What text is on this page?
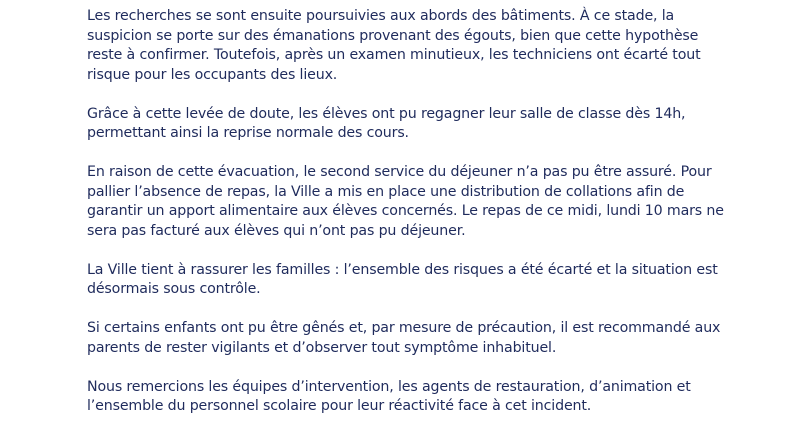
Les recherches se sont ensuite poursuivies aux abords des bâtiments. À ce stade, la suspicion se porte sur des émanations provenant des égouts, bien que cette hypothèse reste à confirmer. Toutefois, après un examen minutieux, les techniciens ont écarté tout risque pour les occupants des lieux.

Grâce à cette levée de doute, les élèves ont pu regagner leur salle de classe dès 14h, permettant ainsi la reprise normale des cours.

En raison de cette évacuation, le second service du déjeuner n’a pas pu être assuré. Pour pallier l’absence de repas, la Ville a mis en place une distribution de collations afin de garantir un apport alimentaire aux élèves concernés. Le repas de ce midi, lundi 10 mars ne sera pas facturé aux élèves qui n’ont pas pu déjeuner.

La Ville tient à rassurer les familles : l’ensemble des risques a été écarté et la situation est désormais sous contrôle.

Si certains enfants ont pu être gênés et, par mesure de précaution, il est recommandé aux parents de rester vigilants et d’observer tout symptôme inhabituel.

Nous remercions les équipes d’intervention, les agents de restauration, d’animation et l’ensemble du personnel scolaire pour leur réactivité face à cet incident.
